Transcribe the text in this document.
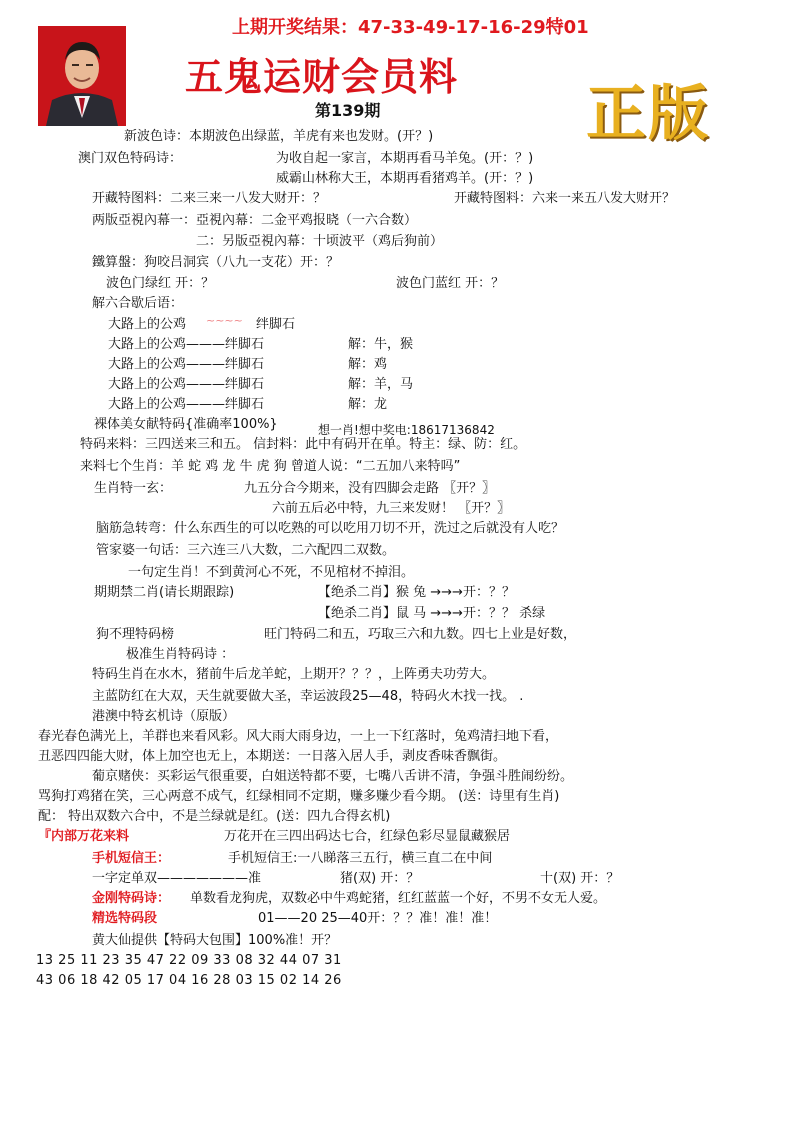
上期开奖结果：47-33-49-17-16-29特01
五鬼运财会员料
第139期	正版
新波色诗：本期波色出绿蓝，羊虎有来也发财。(开？)
澳门双色特码诗：	为收自起一家言，本期再看马羊兔。(开：？)
威霸山林称大王，本期再看猪鸡羊。(开：？)
开藏特图料：二来三来一八发大财开：？	开藏特图料：六来一来五八发大财开？
两版亞視內幕一：亞視內幕：二金平鸡报晓（一六合数）
二：另版亞視內幕：十顷波平（鸡后狗前）
鐵算盤：狗咬吕洞宾（八九一支花）开：？
波色门绿红 开：？	波色门蓝红 开：？
解六合歇后语：
大路上的公鸡 ~~~~ 绊脚石
大路上的公鸡———绊脚石	解：牛，猴
大路上的公鸡———绊脚石	解：鸡
大路上的公鸡———绊脚石	解：羊，马
大路上的公鸡———绊脚石	解：龙
裸体美女献特码{准确率100%}	想一肖!想中奖电:18617136842
特码来料：三四送来三和五。 信封料：此中有码开在单。特主：绿、防：红。
来料七个生肖：羊 蛇 鸡 龙 牛 虎 狗 曾道人说：“二五加八来特吗”
生肖特一玄：	九五分合今期来，没有四脚会走路 〖开？〗
六前五后必中特，九三来发财！ 〖开？〗
脑筋急转弯：什么东西生的可以吃熟的可以吃用刀切不开，洗过之后就没有人吃？
管家婆一句话：三六连三八大数，二六配四二双数。
一句定生肖！不到黄河心不死，不见棺材不掉泪。
期期禁二肖(请长期跟踪)	【绝杀二肖】猴 兔 →→→开：？？
【绝杀二肖】鼠 马 →→→开：？？ 杀绿
狗不理特码榜	旺门特码二和五，巧取三六和九数。四七上业是好数，
极准生肖特码诗 ：
特码生肖在水木，猪前牛后龙羊蛇，上期开？？？，上阵勇夫功劳大。
主蓝防红在大双，天生就要做大圣，幸运波段25—48，特码火木找一找。 .
港澳中特玄机诗（原版）
春光春色满光上，羊群也来看风彩。风大雨大雨身边，一上一下红落时，兔鸡清扫地下看，
丑恶四四能大财，体上加空也无上，本期送：一日落入居人手，剥皮香味香飘街。
葡京赌侠：买彩运气很重要，白姐送特都不要，七嘴八舌讲不清，争强斗胜闹纷纷。
骂狗打鸡猪在笑，三心两意不成气，红绿相同不定期，赚多赚少看今期。 (送：诗里有生肖)
配： 特出双数六合中，不是兰绿就是红。(送：四九合得玄机)
『内部万花来料	万花开在三四出码达七合，红绿色彩尽显鼠藏猴居
手机短信王：	手机短信王:一八睇落三五行，横三直二在中间
一字定单双———————准	猪(双) 开：？	十(双) 开：？
金刚特码诗： 单数看龙狗虎，双数必中牛鸡蛇猪，红红蓝蓝一个好，不男不女无人爱。
精选特码段	01——20 25—40开：？？准！准！准！
黄大仙提供【特码大包围】100%准！开？
13 25 11 23 35 47 22 09 33 08 32 44 07 31
43 06 18 42 05 17 04 16 28 03 15 02 14 26
